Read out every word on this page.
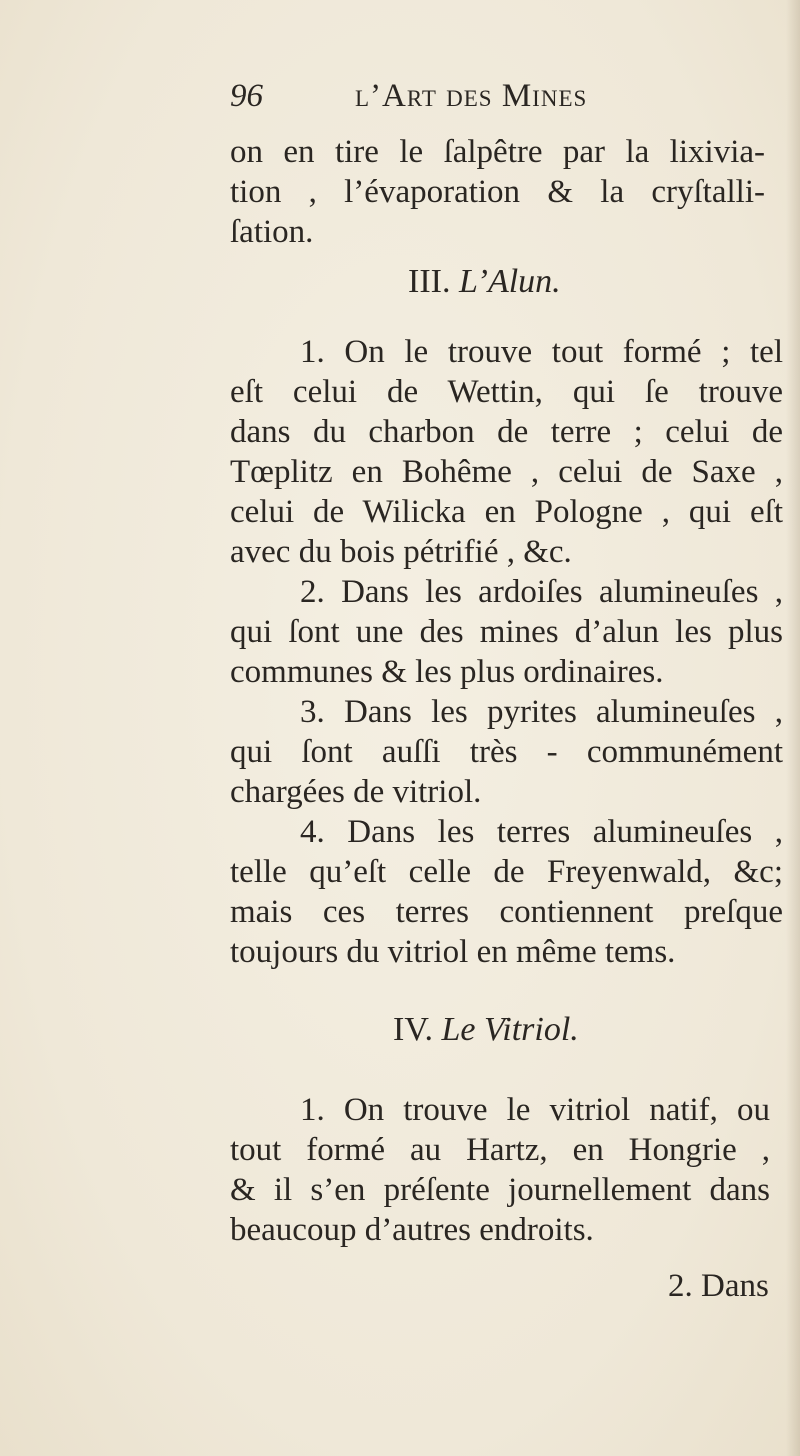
96	l’Art des Mines
on en tire le ſalpêtre par la lixivia-
tion , l’évaporation & la cryſtalli-
ſation.
III. L’Alun.
1. On le trouve tout formé ; tel
eſt celui de Wettin, qui ſe trouve
dans du charbon de terre ; celui de
Tœplitz en Bohême , celui de Saxe ,
celui de Wilicka en Pologne , qui eſt
avec du bois pétrifié , &c.
2. Dans les ardoiſes alumineuſes ,
qui ſont une des mines d’alun les plus
communes & les plus ordinaires.
3. Dans les pyrites alumineuſes ,
qui ſont auſſi très - communément
chargées de vitriol.
4. Dans les terres alumineuſes ,
telle qu’eſt celle de Freyenwald, &c;
mais ces terres contiennent preſque
toujours du vitriol en même tems.
IV. Le Vitriol.
1. On trouve le vitriol natif, ou
tout formé au Hartz, en Hongrie ,
& il s’en préſente journellement dans
beaucoup d’autres endroits.
2. Dans
